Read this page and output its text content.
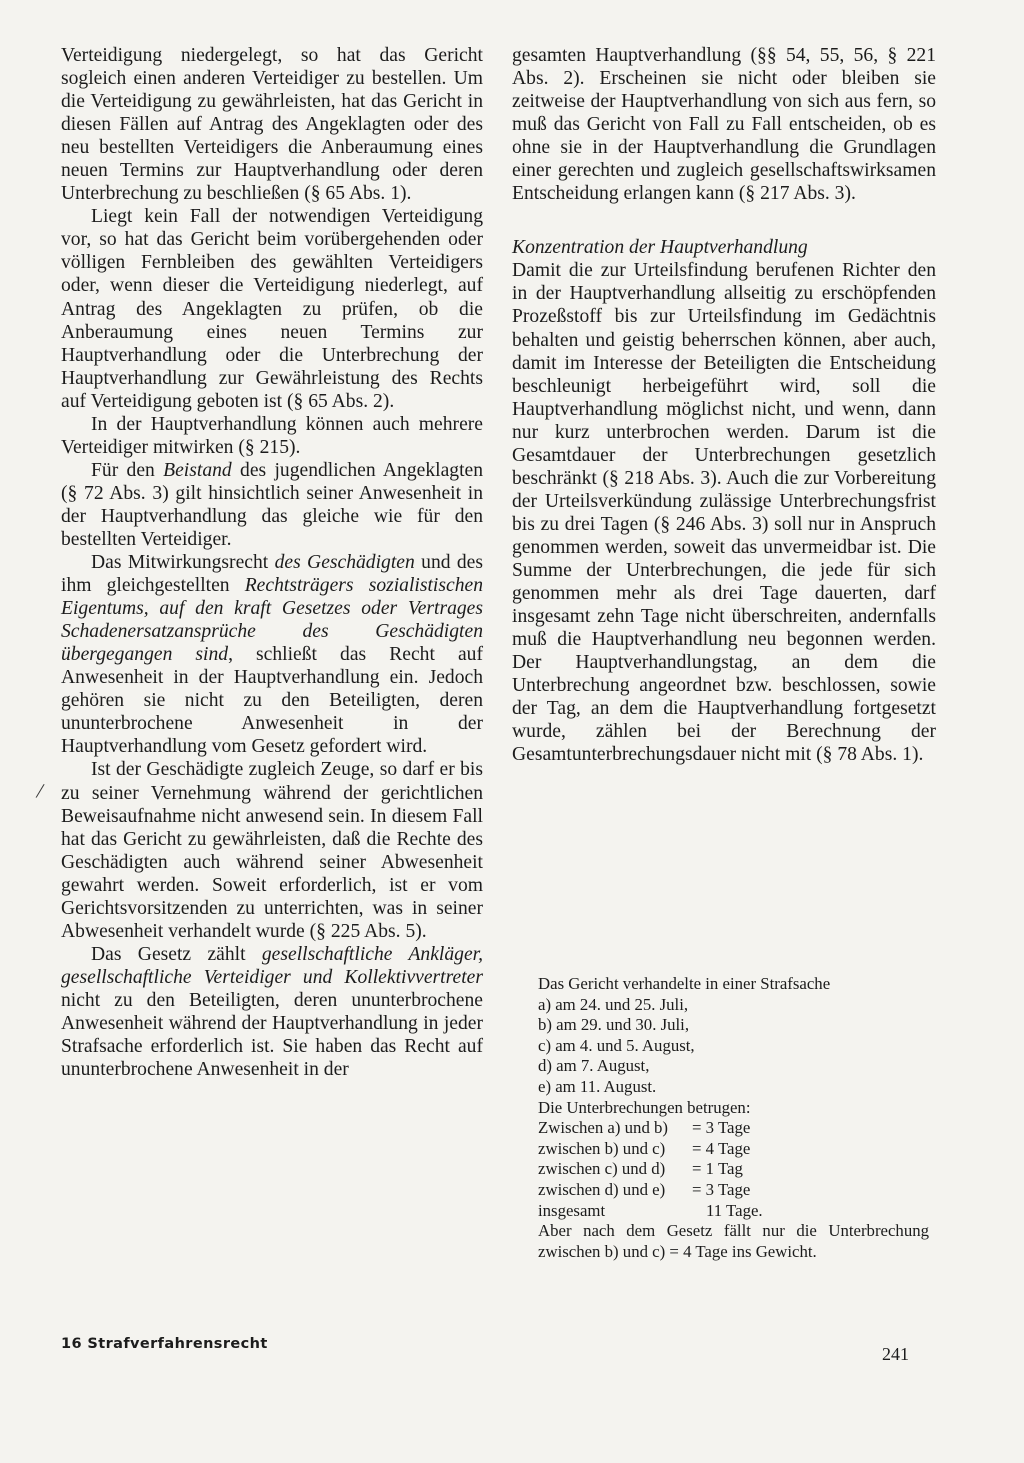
Verteidigung niedergelegt, so hat das Gericht sogleich einen anderen Verteidiger zu bestellen. Um die Verteidigung zu gewährleisten, hat das Gericht in diesen Fällen auf Antrag des Angeklagten oder des neu bestellten Verteidigers die Anberaumung eines neuen Termins zur Hauptverhandlung oder deren Unterbrechung zu beschließen (§ 65 Abs. 1).

Liegt kein Fall der notwendigen Verteidigung vor, so hat das Gericht beim vorübergehenden oder völligen Fernbleiben des gewählten Verteidigers oder, wenn dieser die Verteidigung niederlegt, auf Antrag des Angeklagten zu prüfen, ob die Anberaumung eines neuen Termins zur Hauptverhandlung oder die Unterbrechung der Hauptverhandlung zur Gewährleistung des Rechts auf Verteidigung geboten ist (§ 65 Abs. 2).

In der Hauptverhandlung können auch mehrere Verteidiger mitwirken (§ 215).

Für den Beistand des jugendlichen Angeklagten (§ 72 Abs. 3) gilt hinsichtlich seiner Anwesenheit in der Hauptverhandlung das gleiche wie für den bestellten Verteidiger.

Das Mitwirkungsrecht des Geschädigten und des ihm gleichgestellten Rechtsträgers sozialistischen Eigentums, auf den kraft Gesetzes oder Vertrages Schadenersatzansprüche des Geschädigten übergegangen sind, schließt das Recht auf Anwesenheit in der Hauptverhandlung ein. Jedoch gehören sie nicht zu den Beteiligten, deren ununterbrochene Anwesenheit in der Hauptverhandlung vom Gesetz gefordert wird.

Ist der Geschädigte zugleich Zeuge, so darf er bis zu seiner Vernehmung während der gerichtlichen Beweisaufnahme nicht anwesend sein. In diesem Fall hat das Gericht zu gewährleisten, daß die Rechte des Geschädigten auch während seiner Abwesenheit gewahrt werden. Soweit erforderlich, ist er vom Gerichtsvorsitzenden zu unterrichten, was in seiner Abwesenheit verhandelt wurde (§ 225 Abs. 5).

Das Gesetz zählt gesellschaftliche Ankläger, gesellschaftliche Verteidiger und Kollektivvertreter nicht zu den Beteiligten, deren ununterbrochene Anwesenheit während der Hauptverhandlung in jeder Strafsache erforderlich ist. Sie haben das Recht auf ununterbrochene Anwesenheit in der

/

gesamten Hauptverhandlung (§§ 54, 55, 56, § 221 Abs. 2). Erscheinen sie nicht oder bleiben sie zeitweise der Hauptverhandlung von sich aus fern, so muß das Gericht von Fall zu Fall entscheiden, ob es ohne sie in der Hauptverhandlung die Grundlagen einer gerechten und zugleich gesellschaftswirksamen Entscheidung erlangen kann (§ 217 Abs. 3).

Konzentration der Hauptverhandlung

Damit die zur Urteilsfindung berufenen Richter den in der Hauptverhandlung allseitig zu erschöpfenden Prozeßstoff bis zur Urteilsfindung im Gedächtnis behalten und geistig beherrschen können, aber auch, damit im Interesse der Beteiligten die Entscheidung beschleunigt herbeigeführt wird, soll die Hauptverhandlung möglichst nicht, und wenn, dann nur kurz unterbrochen werden. Darum ist die Gesamtdauer der Unterbrechungen gesetzlich beschränkt (§ 218 Abs. 3). Auch die zur Vorbereitung der Urteilsverkündung zulässige Unterbrechungsfrist bis zu drei Tagen (§ 246 Abs. 3) soll nur in Anspruch genommen werden, soweit das unvermeidbar ist. Die Summe der Unterbrechungen, die jede für sich genommen mehr als drei Tage dauerten, darf insgesamt zehn Tage nicht überschreiten, andernfalls muß die Hauptverhandlung neu begonnen werden. Der Hauptverhandlungstag, an dem die Unterbrechung angeordnet bzw. beschlossen, sowie der Tag, an dem die Hauptverhandlung fortgesetzt wurde, zählen bei der Berechnung der Gesamtunterbrechungsdauer nicht mit (§ 78 Abs. 1).

Das Gericht verhandelte in einer Strafsache

a) am 24. und 25. Juli,

b) am 29. und 30. Juli,

c) am 4. und 5. August,

d) am 7. August,

e) am 11. August.

Die Unterbrechungen betrugen:

Zwischen a) und b)	= 3 Tage
zwischen b) und c)	= 4 Tage
zwischen c) und d)	= 1 Tag
zwischen d) und e)	= 3 Tage
insgesamt	11 Tage.

Aber nach dem Gesetz fällt nur die Unterbrechung zwischen b) und c) = 4 Tage ins Gewicht.

16 Strafverfahrensrecht	241
